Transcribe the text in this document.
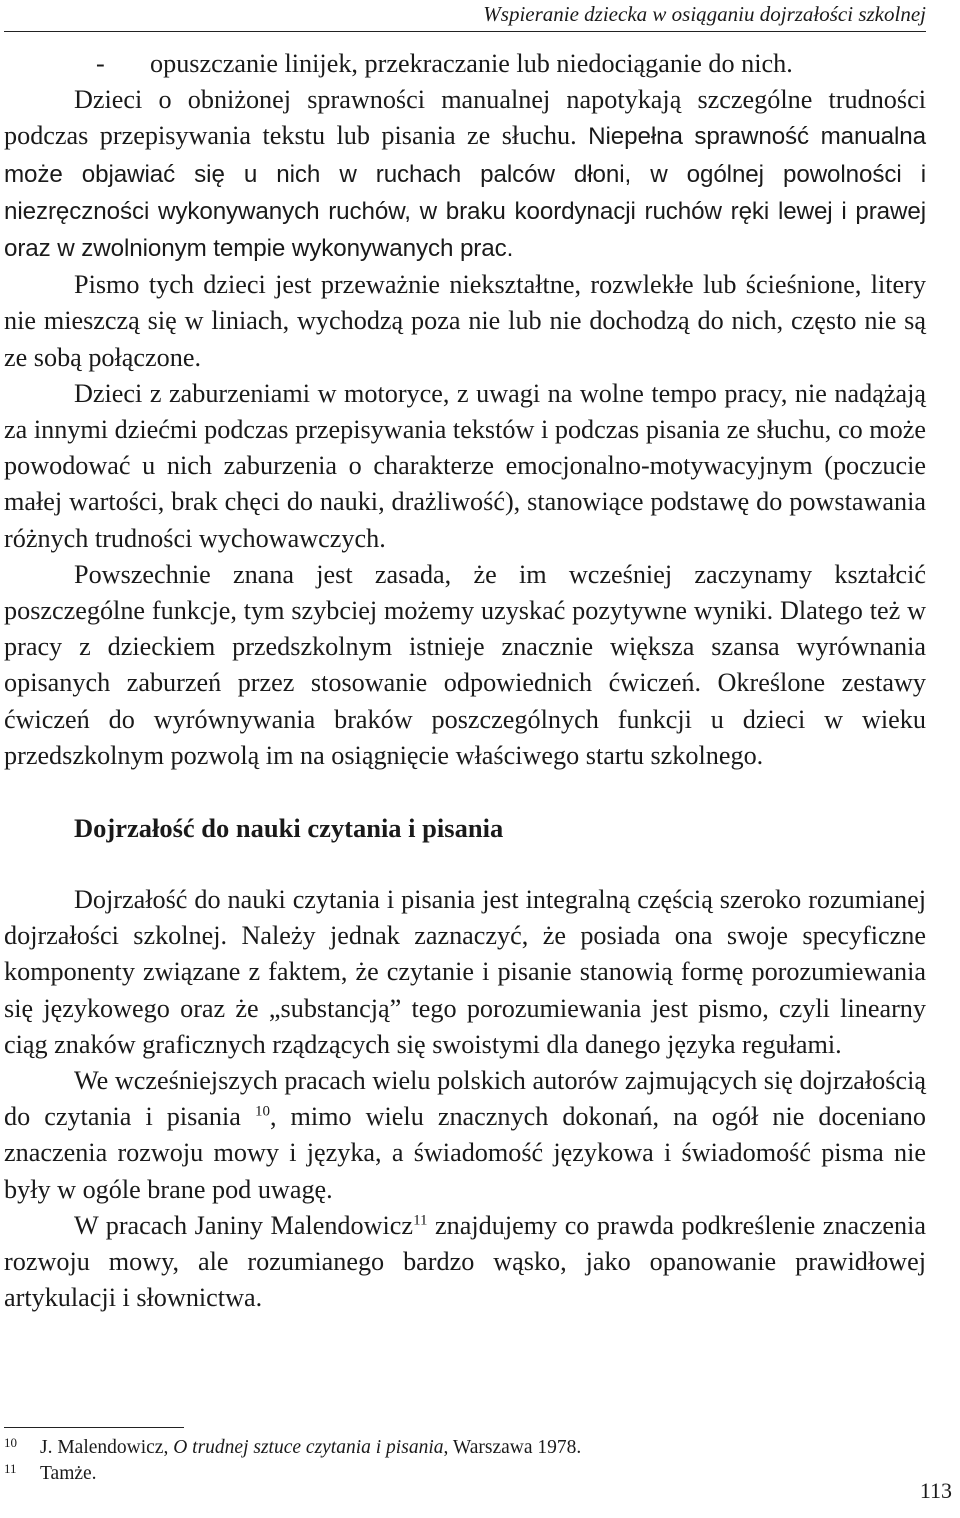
Wspieranie dziecka w osiąganiu dojrzałości szkolnej

- opuszczanie linijek, przekraczanie lub niedociąganie do nich.

Dzieci o obniżonej sprawności manualnej napotykają szczególne trudności podczas przepisywania tekstu lub pisania ze słuchu. Niepełna sprawność manualna może objawiać się u nich w ruchach palców dłoni, w ogólnej powolności i niezręczności wykonywanych ruchów, w braku koordynacji ruchów ręki lewej i prawej oraz w zwolnionym tempie wykonywanych prac.

Pismo tych dzieci jest przeważnie niekształtne, rozwlekłe lub ścieśnione, litery nie mieszczą się w liniach, wychodzą poza nie lub nie dochodzą do nich, często nie są ze sobą połączone.

Dzieci z zaburzeniami w motoryce, z uwagi na wolne tempo pracy, nie nadążają za innymi dziećmi podczas przepisywania tekstów i podczas pisania ze słuchu, co może powodować u nich zaburzenia o charakterze emocjonalno-motywacyjnym (poczucie małej wartości, brak chęci do nauki, drażliwość), stanowiące podstawę do powstawania różnych trudności wychowawczych.

Powszechnie znana jest zasada, że im wcześniej zaczynamy kształcić poszczególne funkcje, tym szybciej możemy uzyskać pozytywne wyniki. Dlatego też w pracy z dzieckiem przedszkolnym istnieje znacznie większa szansa wyrównania opisanych zaburzeń przez stosowanie odpowiednich ćwiczeń. Określone zestawy ćwiczeń do wyrównywania braków poszczególnych funkcji u dzieci w wieku przedszkolnym pozwolą im na osiągnięcie właściwego startu szkolnego.

Dojrzałość do nauki czytania i pisania

Dojrzałość do nauki czytania i pisania jest integralną częścią szeroko rozumianej dojrzałości szkolnej. Należy jednak zaznaczyć, że posiada ona swoje specyficzne komponenty związane z faktem, że czytanie i pisanie stanowią formę porozumiewania się językowego oraz że „substancją” tego porozumiewania jest pismo, czyli linearny ciąg znaków graficznych rządzących się swoistymi dla danego języka regułami.

We wcześniejszych pracach wielu polskich autorów zajmujących się dojrzałością do czytania i pisania $^{10}$, mimo wielu znacznych dokonań, na ogół nie doceniano znaczenia rozwoju mowy i języka, a świadomość językowa i świadomość pisma nie były w ogóle brane pod uwagę.

W pracach Janiny Malendowicz$^{11}$ znajdujemy co prawda podkreślenie znaczenia rozwoju mowy, ale rozumianego bardzo wąsko, jako opanowanie prawidłowej artykulacji i słownictwa.

10 J. Malendowicz, O trudnej sztuce czytania i pisania, Warszawa 1978.
11 Tamże.
113
